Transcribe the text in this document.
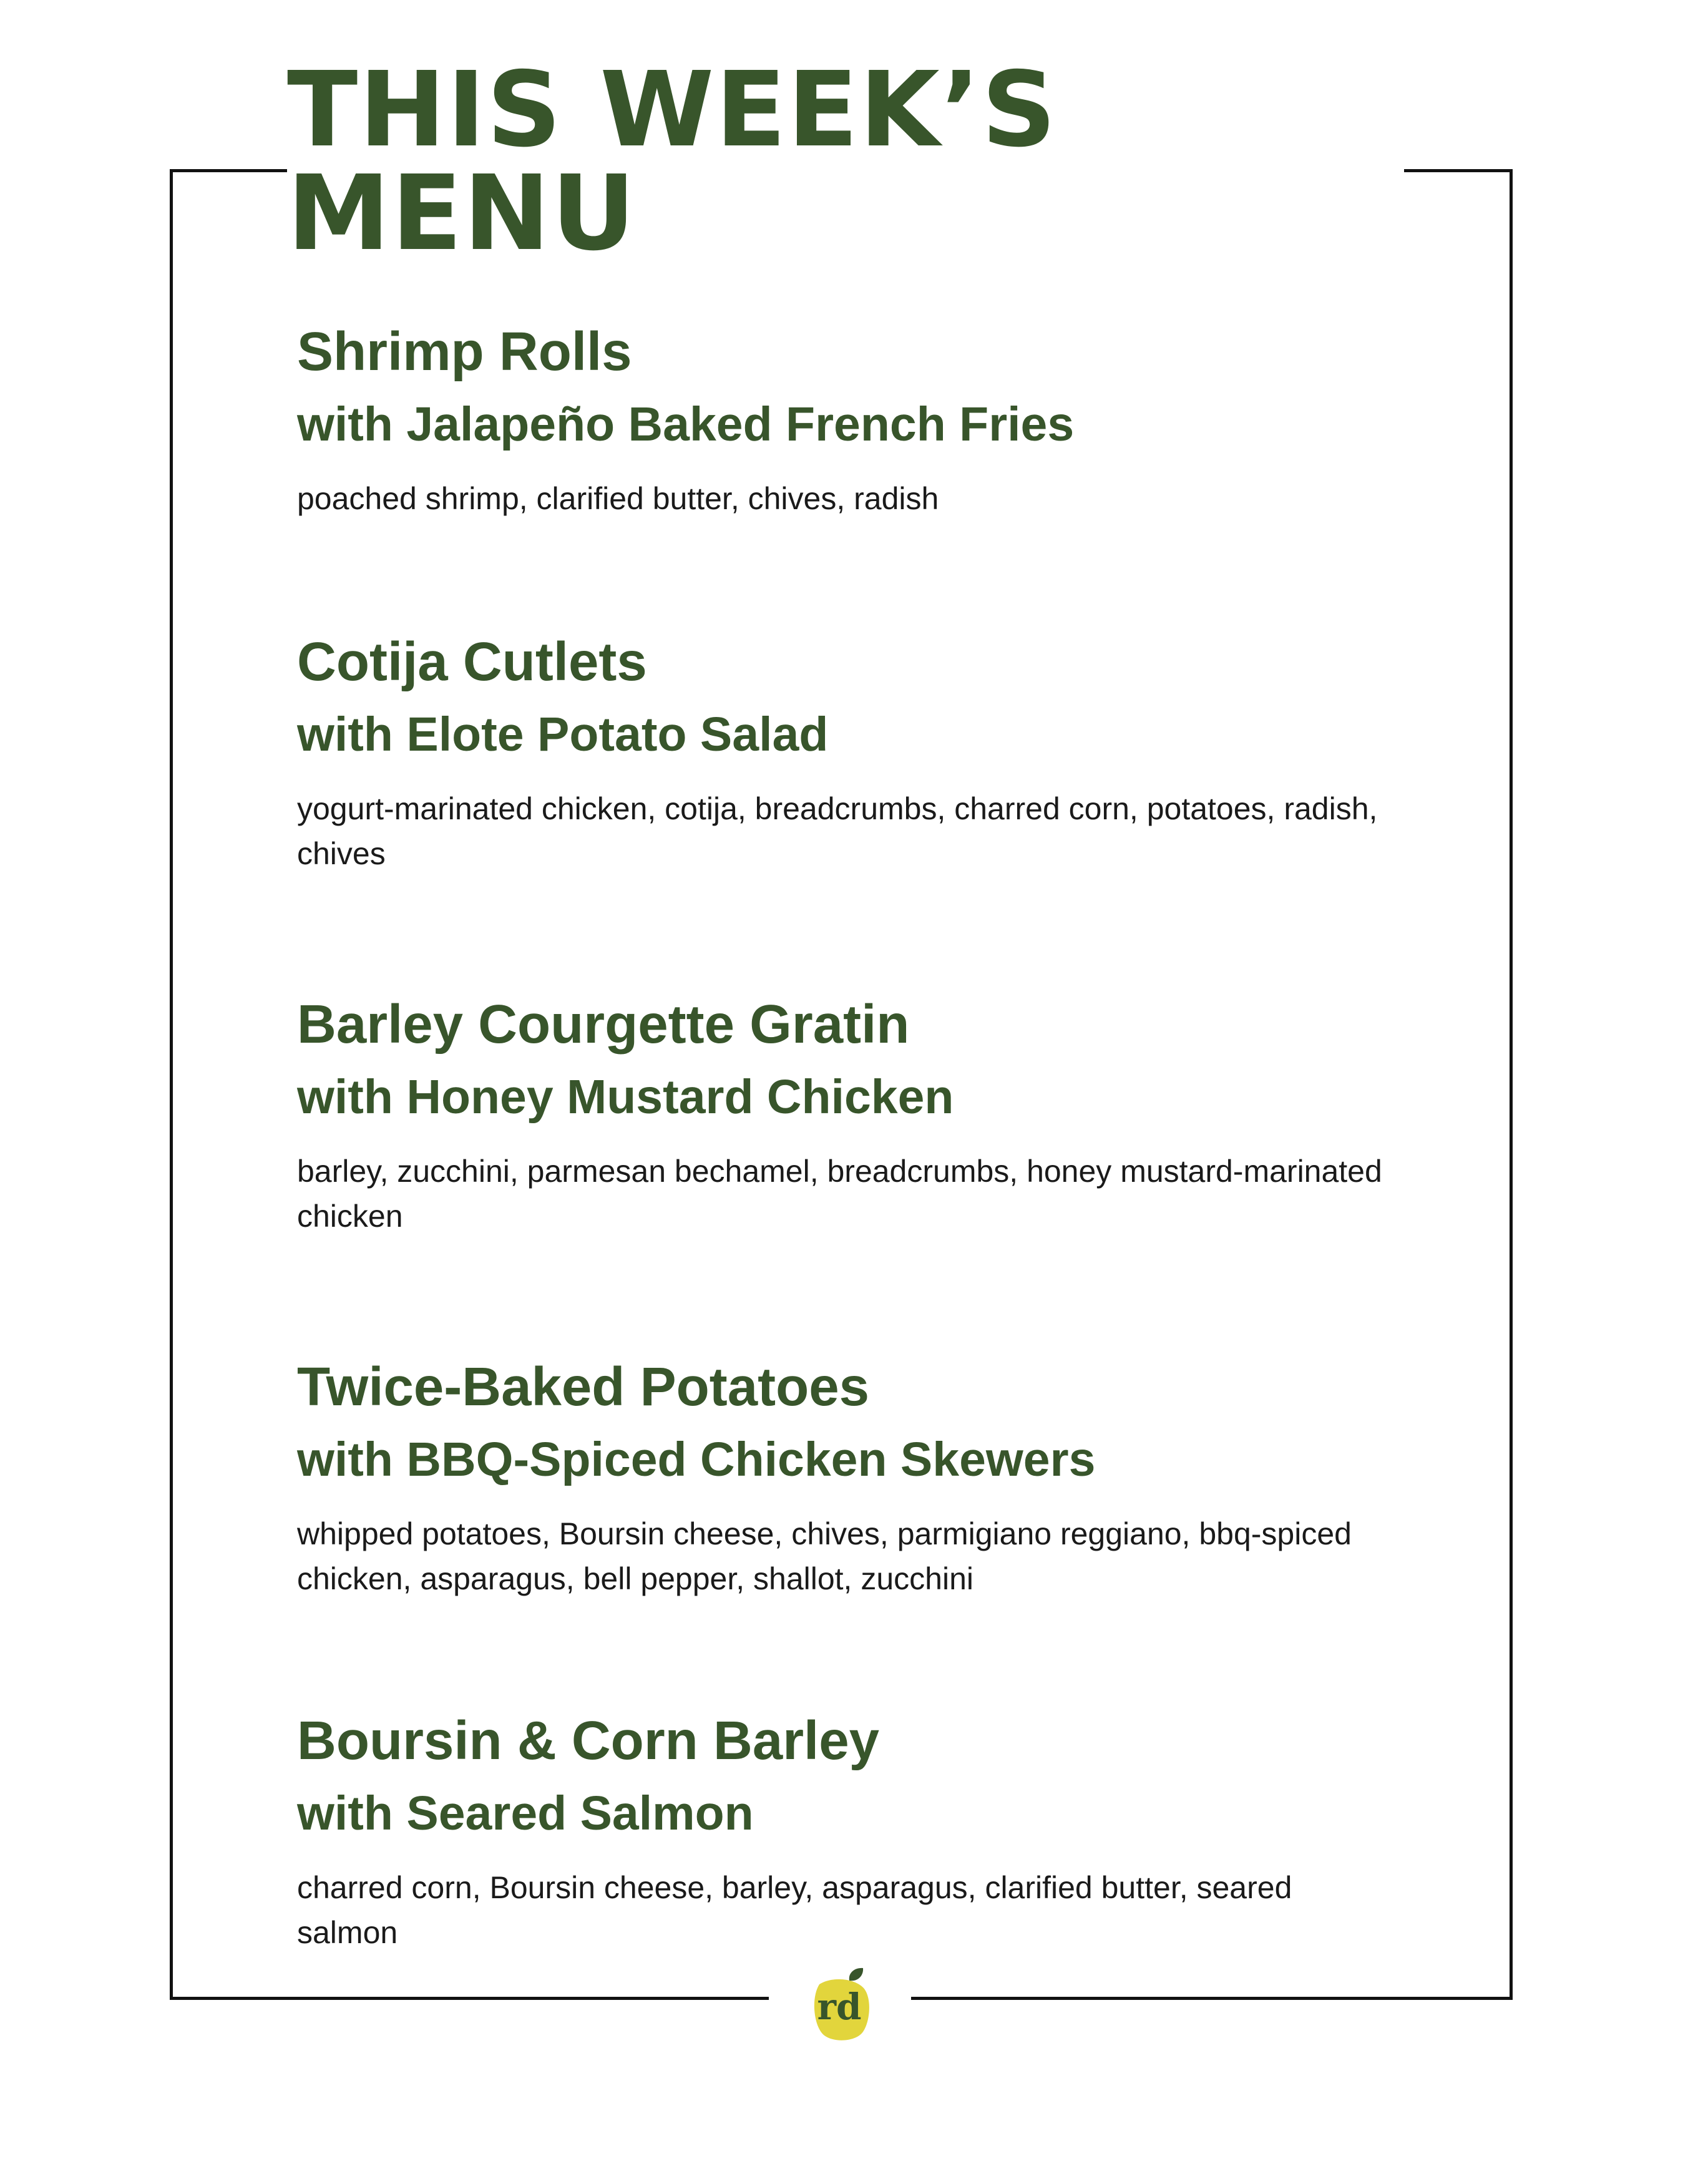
THIS WEEK’S MENU
Shrimp Rolls
with Jalapeño Baked French Fries
poached shrimp, clarified butter, chives, radish
Cotija Cutlets
with Elote Potato Salad
yogurt-marinated chicken, cotija, breadcrumbs, charred corn, potatoes, radish, chives
Barley Courgette Gratin
with Honey Mustard Chicken
barley, zucchini, parmesan bechamel, breadcrumbs, honey mustard-marinated chicken
Twice-Baked Potatoes
with BBQ-Spiced Chicken Skewers
whipped potatoes, Boursin cheese, chives, parmigiano reggiano, bbq-spiced chicken, asparagus, bell pepper, shallot, zucchini
Boursin & Corn Barley
with Seared Salmon
charred corn, Boursin cheese, barley, asparagus, clarified butter, seared salmon
rd
